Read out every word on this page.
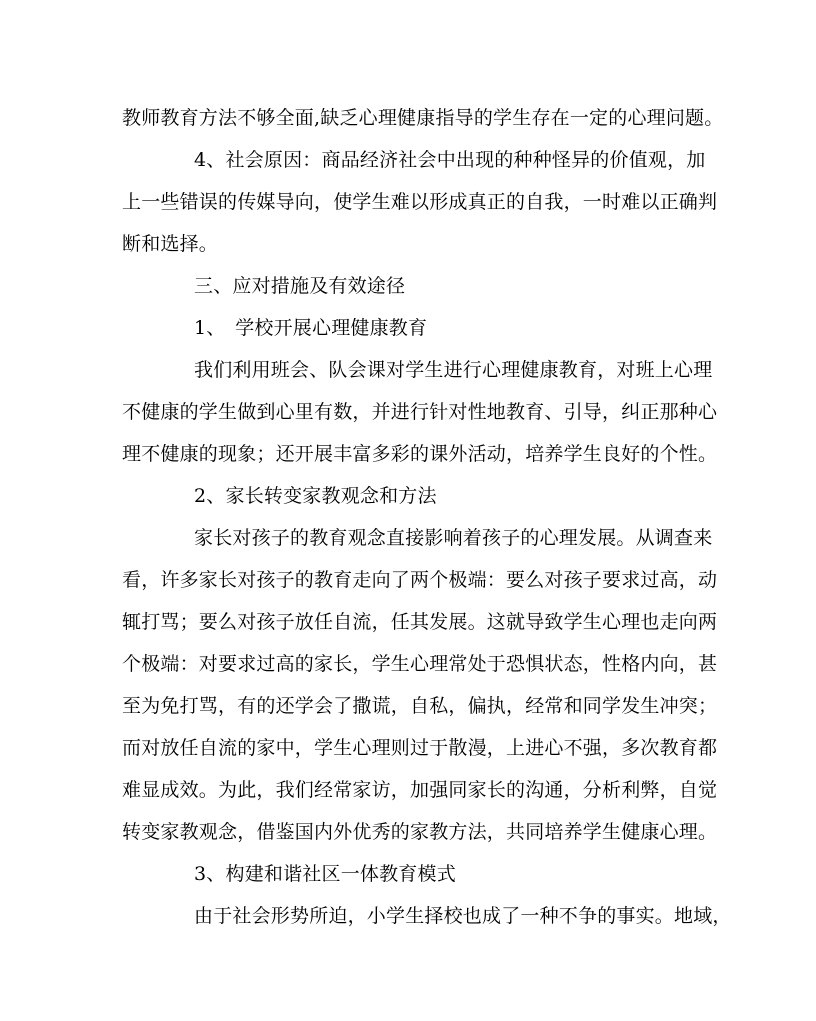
教师教育方法不够全面,缺乏心理健康指导的学生存在一定的心理问题。
4、社会原因：商品经济社会中出现的种种怪异的价值观，加
上一些错误的传媒导向，使学生难以形成真正的自我，一时难以正确判
断和选择。
三、应对措施及有效途径
1、　学校开展心理健康教育
我们利用班会、队会课对学生进行心理健康教育，对班上心理
不健康的学生做到心里有数，并进行针对性地教育、引导，纠正那种心
理不健康的现象；还开展丰富多彩的课外活动，培养学生良好的个性。
2、家长转变家教观念和方法
家长对孩子的教育观念直接影响着孩子的心理发展。从调查来
看，许多家长对孩子的教育走向了两个极端：要么对孩子要求过高，动
辄打骂；要么对孩子放任自流，任其发展。这就导致学生心理也走向两
个极端：对要求过高的家长，学生心理常处于恐惧状态，性格内向，甚
至为免打骂，有的还学会了撒谎，自私，偏执，经常和同学发生冲突；
而对放任自流的家中，学生心理则过于散漫，上进心不强，多次教育都
难显成效。为此，我们经常家访，加强同家长的沟通，分析利弊，自觉
转变家教观念，借鉴国内外优秀的家教方法，共同培养学生健康心理。
3、构建和谐社区一体教育模式
由于社会形势所迫，小学生择校也成了一种不争的事实。地域，
